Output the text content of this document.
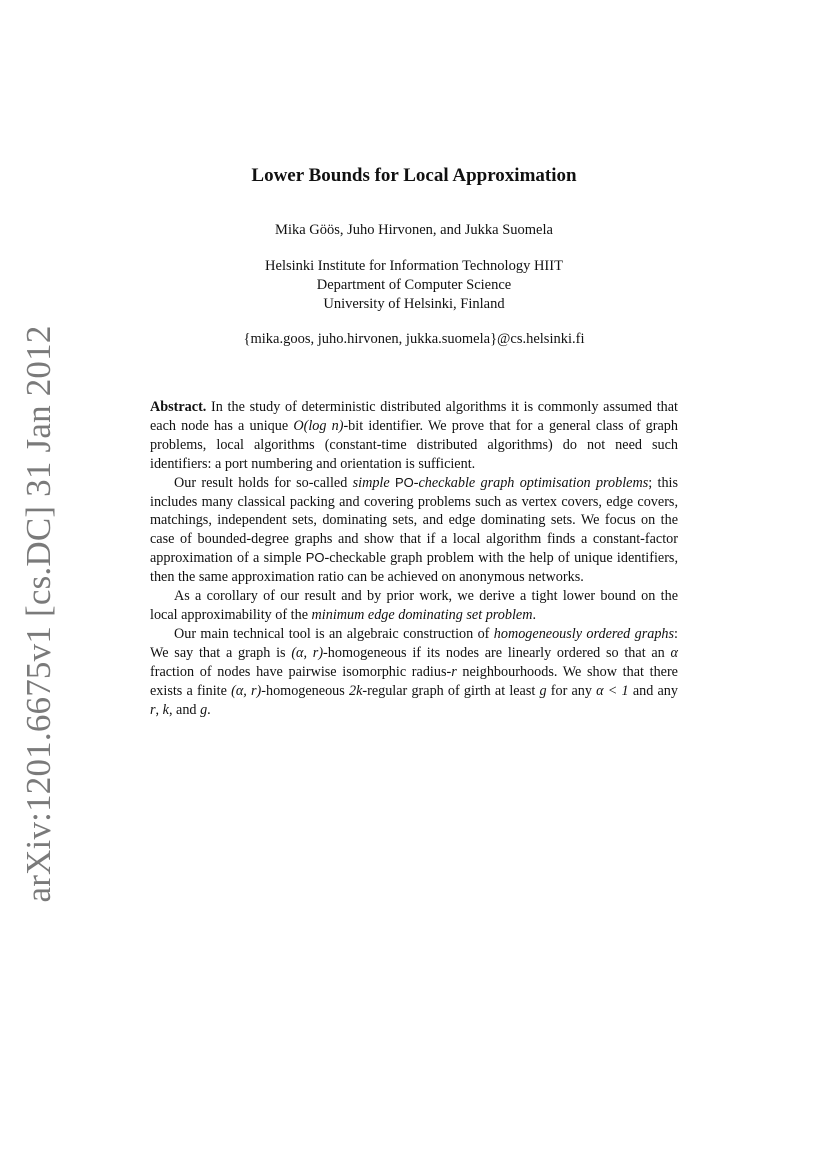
arXiv:1201.6675v1 [cs.DC] 31 Jan 2012
Lower Bounds for Local Approximation
Mika Göös, Juho Hirvonen, and Jukka Suomela
Helsinki Institute for Information Technology HIIT
Department of Computer Science
University of Helsinki, Finland
{mika.goos, juho.hirvonen, jukka.suomela}@cs.helsinki.fi

Abstract. In the study of deterministic distributed algorithms it is commonly assumed that each node has a unique O(log n)-bit identifier. We prove that for a general class of graph problems, local algorithms (constant-time distributed algorithms) do not need such identifiers: a port numbering and orientation is sufficient.

Our result holds for so-called simple PO-checkable graph optimisation problems; this includes many classical packing and covering problems such as vertex covers, edge covers, matchings, independent sets, dominating sets, and edge dominating sets. We focus on the case of bounded-degree graphs and show that if a local algorithm finds a constant-factor approximation of a simple PO-checkable graph problem with the help of unique identifiers, then the same approximation ratio can be achieved on anonymous networks.

As a corollary of our result and by prior work, we derive a tight lower bound on the local approximability of the minimum edge dominating set problem.

Our main technical tool is an algebraic construction of homogeneously ordered graphs: We say that a graph is (α, r)-homogeneous if its nodes are linearly ordered so that an α fraction of nodes have pairwise isomorphic radius-r neighbourhoods. We show that there exists a finite (α, r)-homogeneous 2k-regular graph of girth at least g for any α < 1 and any r, k, and g.
